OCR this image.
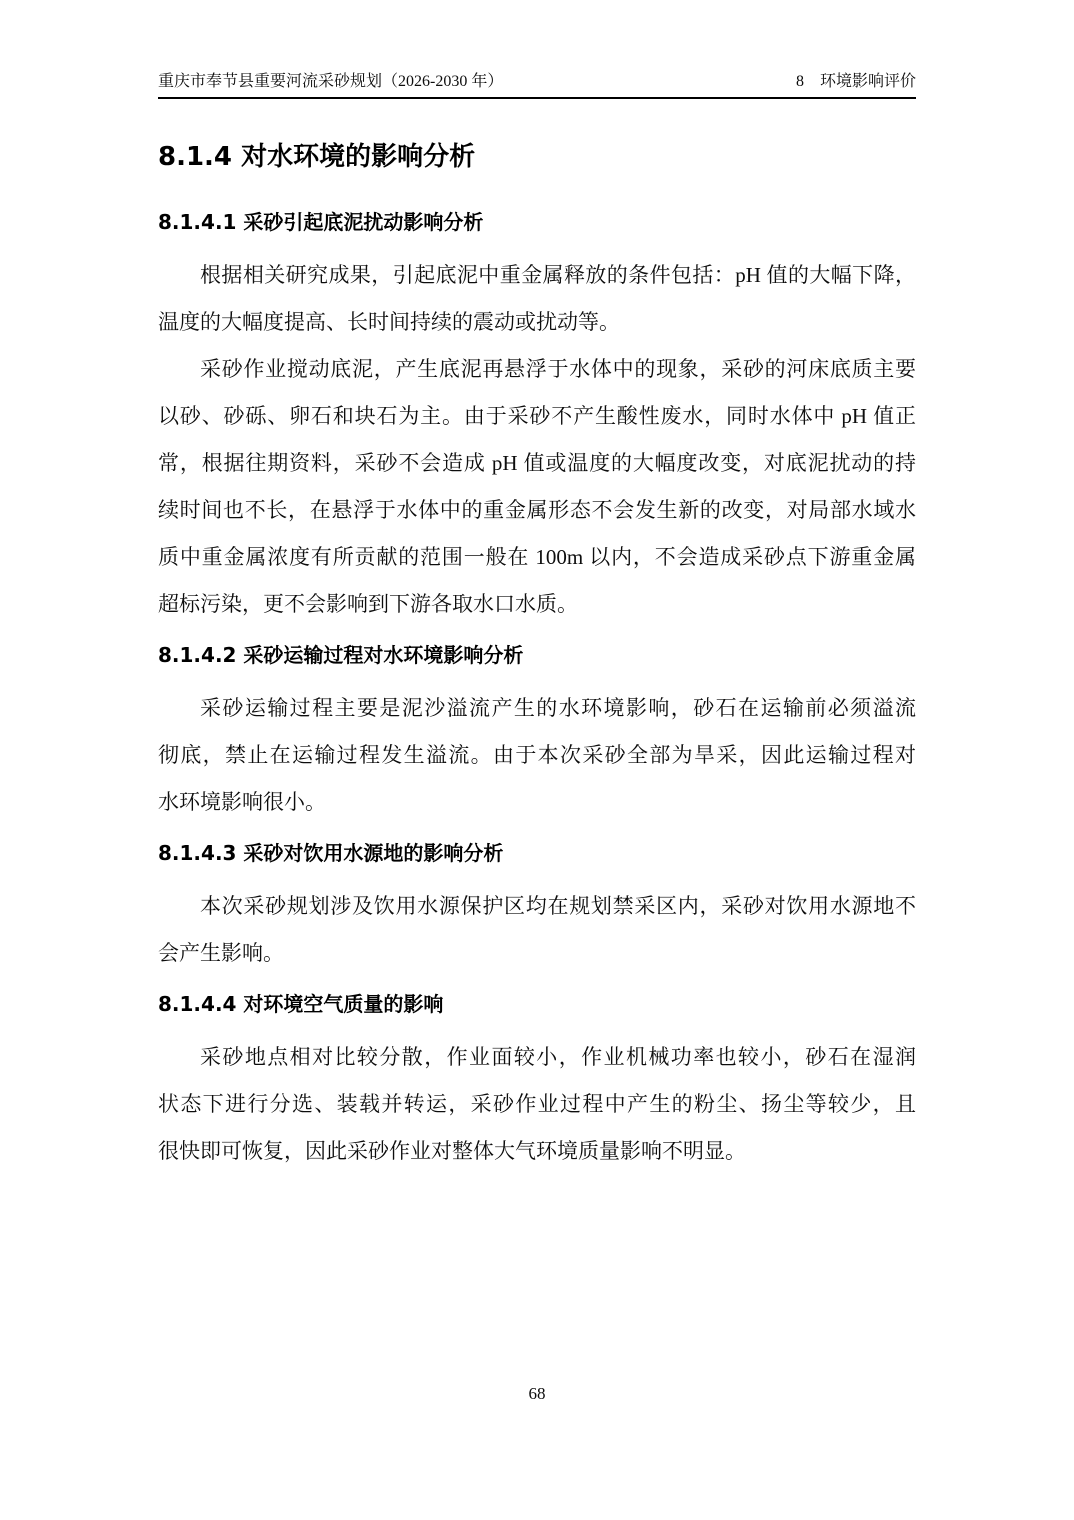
重庆市奉节县重要河流采砂规划（2026-2030 年）	8 环境影响评价
8.1.4 对水环境的影响分析
8.1.4.1 采砂引起底泥扰动影响分析
根据相关研究成果，引起底泥中重金属释放的条件包括：pH 值的大幅下降，
温度的大幅度提高、长时间持续的震动或扰动等。
采砂作业搅动底泥，产生底泥再悬浮于水体中的现象，采砂的河床底质主要
以砂、砂砾、卵石和块石为主。由于采砂不产生酸性废水，同时水体中 pH 值正
常，根据往期资料，采砂不会造成 pH 值或温度的大幅度改变，对底泥扰动的持
续时间也不长，在悬浮于水体中的重金属形态不会发生新的改变，对局部水域水
质中重金属浓度有所贡献的范围一般在 100m 以内，不会造成采砂点下游重金属
超标污染，更不会影响到下游各取水口水质。
8.1.4.2 采砂运输过程对水环境影响分析
采砂运输过程主要是泥沙溢流产生的水环境影响，砂石在运输前必须溢流
彻底，禁止在运输过程发生溢流。由于本次采砂全部为旱采，因此运输过程对
水环境影响很小。
8.1.4.3 采砂对饮用水源地的影响分析
本次采砂规划涉及饮用水源保护区均在规划禁采区内，采砂对饮用水源地不
会产生影响。
8.1.4.4 对环境空气质量的影响
采砂地点相对比较分散，作业面较小，作业机械功率也较小，砂石在湿润
状态下进行分选、装载并转运，采砂作业过程中产生的粉尘、扬尘等较少，且
很快即可恢复，因此采砂作业对整体大气环境质量影响不明显。
68
